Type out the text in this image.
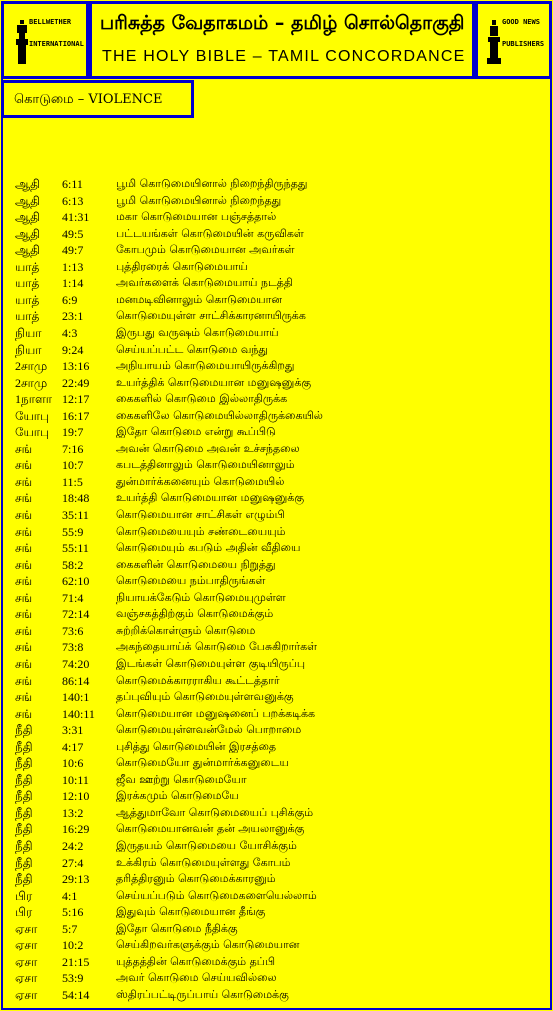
BELLWETHER
INTERNATIONAL
பரிசுத்த வேதாகமம் – தமிழ் சொல்தொகுதி
THE HOLY BIBLE – TAMIL CONCORDANCE
GOOD NEWS
PUBLISHERS
கொடுமை – VIOLENCE
ஆதி 6:11	பூமி கொடுமையினால் நிறைந்திருந்தது
ஆதி 6:13	பூமி கொடுமையினால் நிறைந்தது
ஆதி 41:31 மகா கொடுமையான பஞ்சத்தால்
ஆதி 49:5	பட்டயங்கள் கொடுமையின் கருவிகள்
ஆதி 49:7	கோபமும் கொடுமையான அவர்கள்
யாத் 1:13	புத்திரரைக் கொடுமையாய்
யாத் 1:14	அவர்களைக் கொடுமையாய் நடத்தி
யாத் 6:9	மனமடிவினாலும் கொடுமையான
யாத் 23:1	கொடுமையுள்ள சாட்சிக்காரனாயிருக்க
நியா 4:3	இருபது வருஷம் கொடுமையாய்
நியா 9:24	செய்யப்பட்ட கொடுமை வந்து
2சாமு 13:16 அநியாயம் கொடுமையாயிருக்கிறது
2சாமு 22:49 உயர்த்திக் கொடுமையான மனுஷனுக்கு
1நாளா 12:17 கைகளில் கொடுமை இல்லாதிருக்க
யோபு 16:17 கைகளிலே கொடுமையில்லாதிருக்கையில்
யோபு 19:7	இதோ கொடுமை என்று கூப்பிடு
சங் 7:16	அவன் கொடுமை அவன் உச்சந்தலை
சங் 10:7	கபடத்தினாலும் கொடுமையினாலும்
சங் 11:5	துன்மார்க்கனையும் கொடுமையில்
சங் 18:48 உயர்த்தி கொடுமையான மனுஷனுக்கு
சங் 35:11 கொடுமையான சாட்சிகள் எழும்பி
சங் 55:9	கொடுமையையும் சண்டையையும்
சங் 55:11 கொடுமையும் கபடும் அதின் வீதியை
சங் 58:2	கைகளின் கொடுமையை நிறுத்து
சங் 62:10 கொடுமையை நம்பாதிருங்கள்
சங் 71:4	நியாயக்கேடும் கொடுமையுமுள்ள
சங் 72:14 வஞ்சகத்திற்கும் கொடுமைக்கும்
சங் 73:6	சுற்றிக்கொள்ளும் கொடுமை
சங் 73:8	அகந்தையாய்க் கொடுமை பேசுகிறார்கள்
சங் 74:20 இடங்கள் கொடுமையுள்ள குடியிருப்பு
சங் 86:14 கொடுமைக்காரராகிய கூட்டத்தார்
சங் 140:1 தப்புவியும் கொடுமையுள்ளவனுக்கு
சங் 140:11 கொடுமையான மனுஷனைப் பறக்கடிக்க
நீதி 3:31	கொடுமையுள்ளவன்மேல் பொறாமை
நீதி 4:17	புசித்து கொடுமையின் இரசத்தை
நீதி 10:6	கொடுமையோ துன்மார்க்கனுடைய
நீதி 10:11 ஜீவ ஊற்று கொடுமையோ
நீதி 12:10 இரக்கமும் கொடுமையே
நீதி 13:2	ஆத்துமாவோ கொடுமையைப் புசிக்கும்
நீதி 16:29 கொடுமையானவன் தன் அயலானுக்கு
நீதி 24:2	இருதயம் கொடுமையை யோசிக்கும்
நீதி 27:4	உக்கிரம் கொடுமையுள்ளது கோபம்
நீதி 29:13 தரித்திரனும் கொடுமைக்காரனும்
பிர 4:1	செய்யப்படும் கொடுமைகளையெல்லாம்
பிர 5:16	இதுவும் கொடுமையான தீங்கு
ஏசா 5:7	இதோ கொடுமை நீதிக்கு
ஏசா 10:2	செய்கிறவர்களுக்கும் கொடுமையான
ஏசா 21:15 யுத்தத்தின் கொடுமைக்கும் தப்பி
ஏசா 53:9	அவர் கொடுமை செய்யவில்லை
ஏசா 54:14 ஸ்திரப்பட்டிருப்பாய் கொடுமைக்கு
